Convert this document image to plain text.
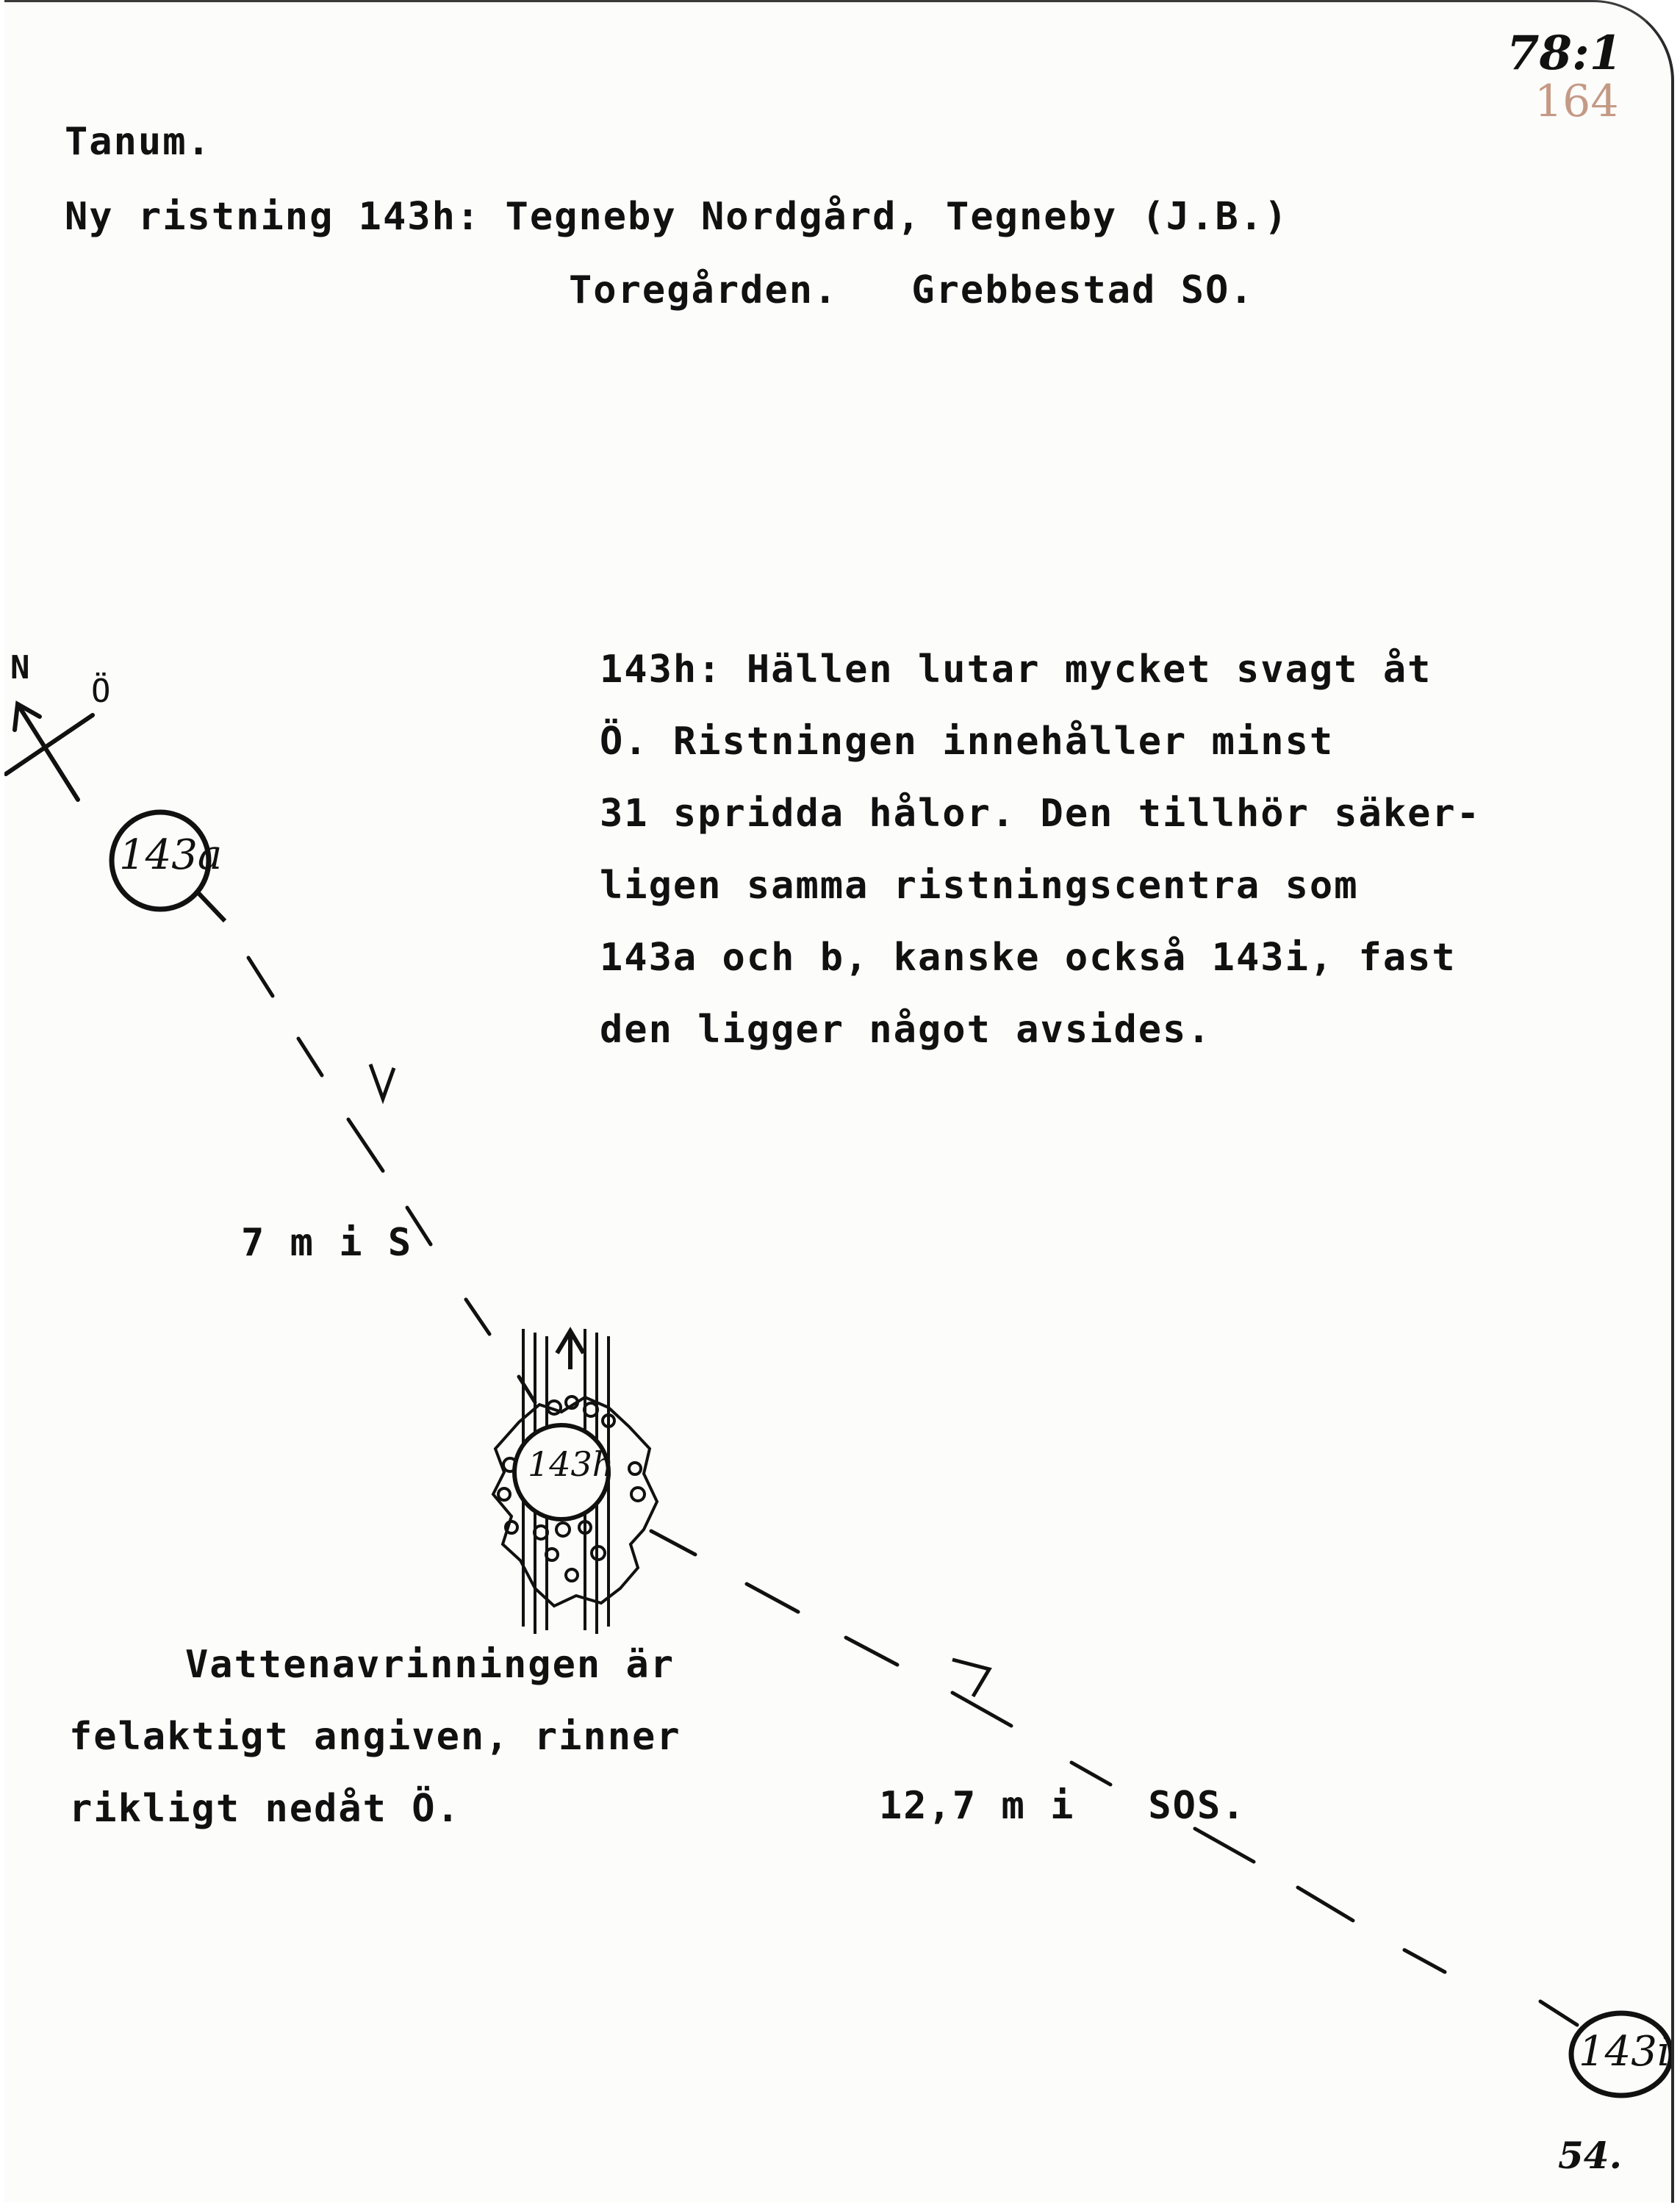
78:1
164
Tanum.
Ny ristning 143h: Tegneby Nordgård, Tegneby (J.B.)
Toregården.   Grebbestad SO.
143h: Hällen lutar mycket svagt åt
Ö. Ristningen innehåller minst
31 spridda hålor. Den tillhör säker-
ligen samma ristningscentra som
143a och b, kanske också 143i, fast
den ligger något avsides.
N
Ö
143a
143h
143i
7 m i S
12,7 m i   SOS.
Vattenavrinningen är
felaktigt angiven, rinner
rikligt nedåt Ö.
54.
